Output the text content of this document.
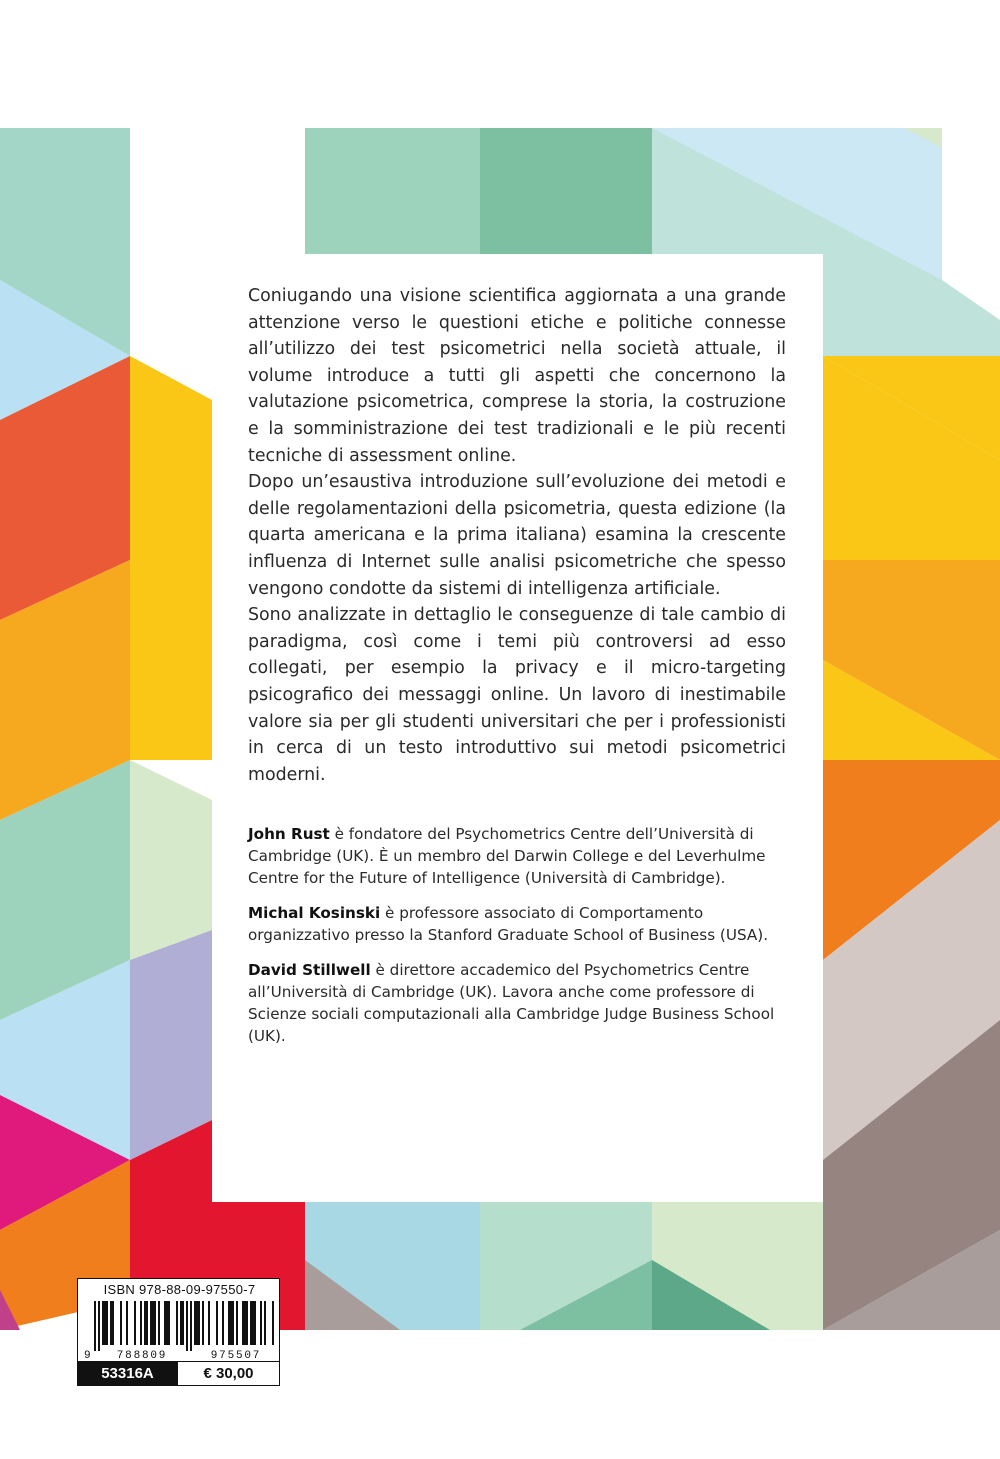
Coniugando una visione scientifica aggiornata a una grande attenzione verso le questioni etiche e politiche connesse all’utilizzo dei test psicometrici nella società attuale, il volume introduce a tutti gli aspetti che concernono la valutazione psicometrica, comprese la storia, la costruzione e la somministrazione dei test tradizionali e le più recenti tecniche di assessment online.

Dopo un’esaustiva introduzione sull’evoluzione dei metodi e delle regolamentazioni della psicometria, questa edizione (la quarta americana e la prima italiana) esamina la crescente influenza di Internet sulle analisi psicometriche che spesso vengono condotte da sistemi di intelligenza artificiale.

Sono analizzate in dettaglio le conseguenze di tale cambio di paradigma, così come i temi più controversi ad esso collegati, per esempio la privacy e il micro-targeting psicografico dei messaggi online. Un lavoro di inestimabile valore sia per gli studenti universitari che per i professionisti in cerca di un testo introduttivo sui metodi psicometrici moderni.

John Rust è fondatore del Psychometrics Centre dell’Università di Cambridge (UK). È un membro del Darwin College e del Leverhulme Centre for the Future of Intelligence (Università di Cambridge).

Michal Kosinski è professore associato di Comportamento organizzativo presso la Stanford Graduate School of Business (USA).

David Stillwell è direttore accademico del Psychometrics Centre all’Università di Cambridge (UK). Lavora anche come professore di Scienze sociali computazionali alla Cambridge Judge Business School (UK).

ISBN 978-88-09-97550-7
9 788809	975507
53316A	€ 30,00
